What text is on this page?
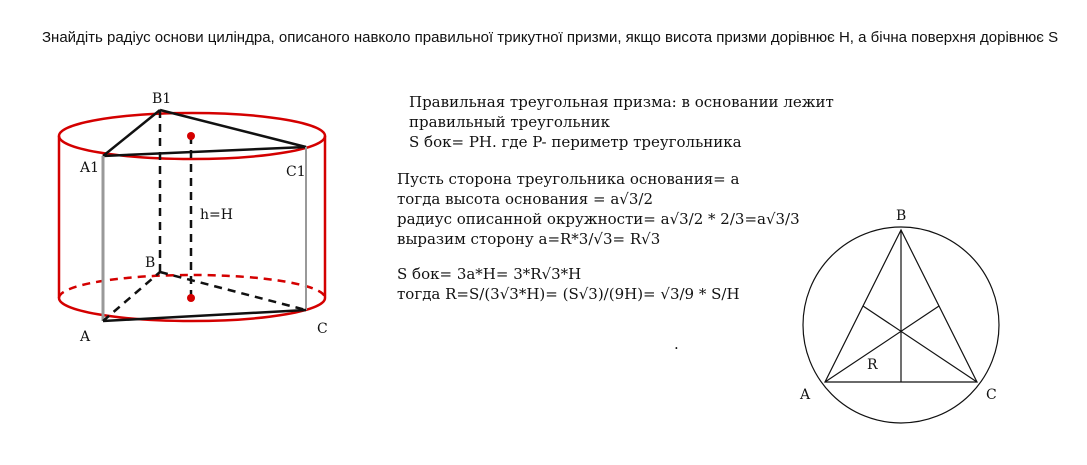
Знайдіть радіус основи циліндра, описаного навколо правильної трикутної призми, якщо висота призми дорівнює Н, а бічна поверхня дорівнює S
Правильная треугольная призма: в основании лежит
правильный треугольник
S бок= PH. где P- периметр треугольника
Пусть сторона треугольника основания= a
тогда высота основания = a√3/2
радиус описанной окружности= a√3/2 * 2/3=a√3/3
выразим сторону a=R*3/√3= R√3
S бок= 3a*H= 3*R√3*H
тогда R=S/(3√3*H)= (S√3)/(9H)= √3/9 * S/H
.
B1
A1	C1
B
A	C
h=H	B
A	C
R
